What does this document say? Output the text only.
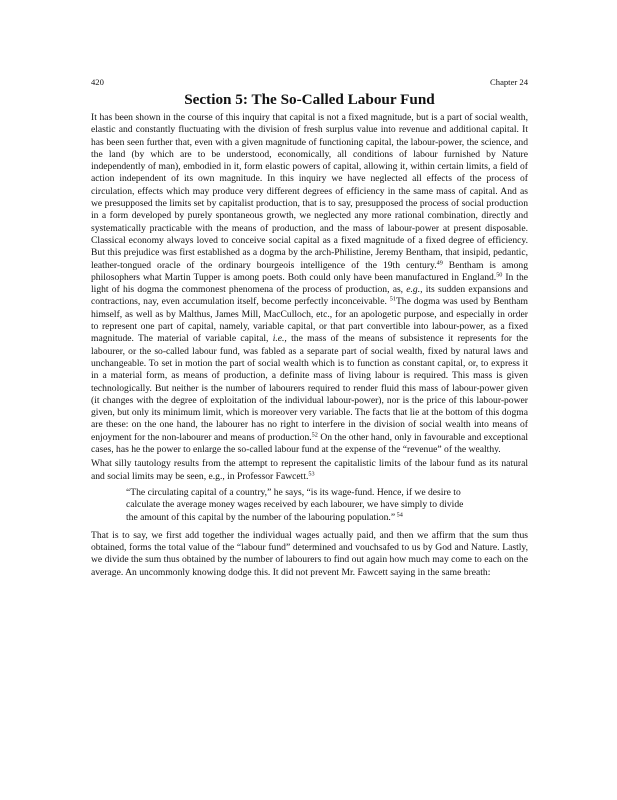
420	Chapter 24
Section 5: The So-Called Labour Fund

It has been shown in the course of this inquiry that capital is not a fixed magnitude, but is a part of social wealth, elastic and constantly fluctuating with the division of fresh surplus value into revenue and additional capital. It has been seen further that, even with a given magnitude of functioning capital, the labour-power, the science, and the land (by which are to be understood, economically, all conditions of labour furnished by Nature independently of man), embodied in it, form elastic powers of capital, allowing it, within certain limits, a field of action independent of its own magnitude. In this inquiry we have neglected all effects of the process of circulation, effects which may produce very different degrees of efficiency in the same mass of capital. And as we presupposed the limits set by capitalist production, that is to say, presupposed the process of social production in a form developed by purely spontaneous growth, we neglected any more rational combination, directly and systematically practicable with the means of production, and the mass of labour-power at present disposable. Classical economy always loved to conceive social capital as a fixed magnitude of a fixed degree of efficiency. But this prejudice was first established as a dogma by the arch-Philistine, Jeremy Bentham, that insipid, pedantic, leather-tongued oracle of the ordinary bourgeois intelligence of the 19th century.$^{49}$ Bentham is among philosophers what Martin Tupper is among poets. Both could only have been manufactured in England.$^{50}$ In the light of his dogma the commonest phenomena of the process of production, as, e.g., its sudden expansions and contractions, nay, even accumulation itself, become perfectly inconceivable. $^{51}$The dogma was used by Bentham himself, as well as by Malthus, James Mill, MacCulloch, etc., for an apologetic purpose, and especially in order to represent one part of capital, namely, variable capital, or that part convertible into labour-power, as a fixed magnitude. The material of variable capital, i.e., the mass of the means of subsistence it represents for the labourer, or the so-called labour fund, was fabled as a separate part of social wealth, fixed by natural laws and unchangeable. To set in motion the part of social wealth which is to function as constant capital, or, to express it in a material form, as means of production, a definite mass of living labour is required. This mass is given technologically. But neither is the number of labourers required to render fluid this mass of labour-power given (it changes with the degree of exploitation of the individual labour-power), nor is the price of this labour-power given, but only its minimum limit, which is moreover very variable. The facts that lie at the bottom of this dogma are these: on the one hand, the labourer has no right to interfere in the division of social wealth into means of enjoyment for the non-labourer and means of production.$^{52}$ On the other hand, only in favourable and exceptional cases, has he the power to enlarge the so-called labour fund at the expense of the “revenue” of the wealthy.

What silly tautology results from the attempt to represent the capitalistic limits of the labour fund as its natural and social limits may be seen, e.g., in Professor Fawcett.$^{53}$

“The circulating capital of a country,” he says, “is its wage-fund. Hence, if we desire to calculate the average money wages received by each labourer, we have simply to divide the amount of this capital by the number of the labouring population.” $^{54}$

That is to say, we first add together the individual wages actually paid, and then we affirm that the sum thus obtained, forms the total value of the “labour fund” determined and vouchsafed to us by God and Nature. Lastly, we divide the sum thus obtained by the number of labourers to find out again how much may come to each on the average. An uncommonly knowing dodge this. It did not prevent Mr. Fawcett saying in the same breath:
